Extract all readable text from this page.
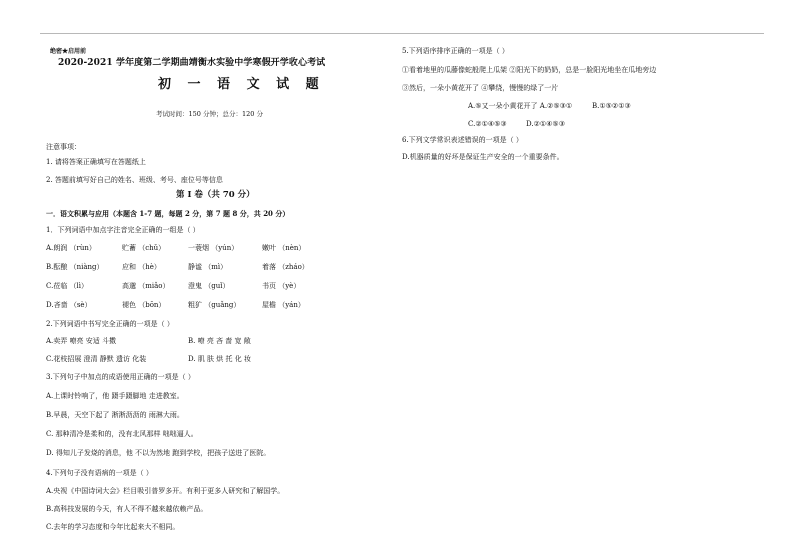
绝密★启用前
2020-2021 学年度第二学期曲靖衡水实验中学寒假开学收心考试
初 一 语 文 试 题
考试时间：150 分钟；总分：120 分
注意事项：
1. 请将答案正确填写在答题纸上
2. 答题前填写好自己的姓名、班级、考号、座位号等信息
第 I 卷（共 70 分）
一．语文积累与应用（本题含 1-7 题，每题 2 分，第 7 题 8 分，共 20 分）
1．下列词语中加点字注音完全正确的一组是（ ）
A.朗润 （rùn）	贮蓄 （chǔ）	一蓑烟 （yún）	嫩叶 （nèn）
B.酝酿 （niàng）	应和 （hè）	静谧 （mì）	着落 （zháo）
C.莅临 （lì）	高邈 （miǎo）	澄鬼 （guǐ）	书页 （yè）
D.吝啬 （sè）	褪色 （bōn）	粗犷 （guǎng）	屋檐 （yán）
2.下列词语中书写完全正确的一项是（ ）
A.卖弄 嘹亮 安适 斗擞	B. 嘹 亮 吝 啬 宽 敞
C.花枝招展 澄清 静默 遗访 化装	D. 肌 肤 烘 托 化 妆
3.下列句子中加点的成语使用正确的一项是（ ）
A.上课时铃响了，他 蹑手蹑脚地 走进教室。
B.早晨，天空下起了 淅淅沥沥的 雨淋大雨。
C. 那种清冷是柔和的，没有北风那样 咄咄逼人。
D. 得知儿子发烧的消息，他 不以为然地 跑到学校，把孩子送进了医院。
4.下列句子没有语病的一项是（ ）
A.央视《中国诗词大会》栏目吸引普罗多开。有利于更多人研究和了解国学。
B.高科技发展的今天，有人不得不越来越依赖产品。
C.去年的学习态度和今年比起来大不相同。
5.下列语序排序正确的一项是（ ）
①看着地里的瓜藤像蛇般爬上瓜架 ②阳光下的奶奶，总是一脸阳光地坐在瓜地旁边
③然后，一朵小黄花开了 ④攀绕，慢慢的绿了一片
A.⑤又一朵小黄花开了 A.②⑤③①	B.①⑤②①③
C.②①④⑤③	D.②①④⑤③
6.下列文学常识表述错误的一项是（ ）
D.机器质量的好坏是保证生产安全的一个重要条件。
